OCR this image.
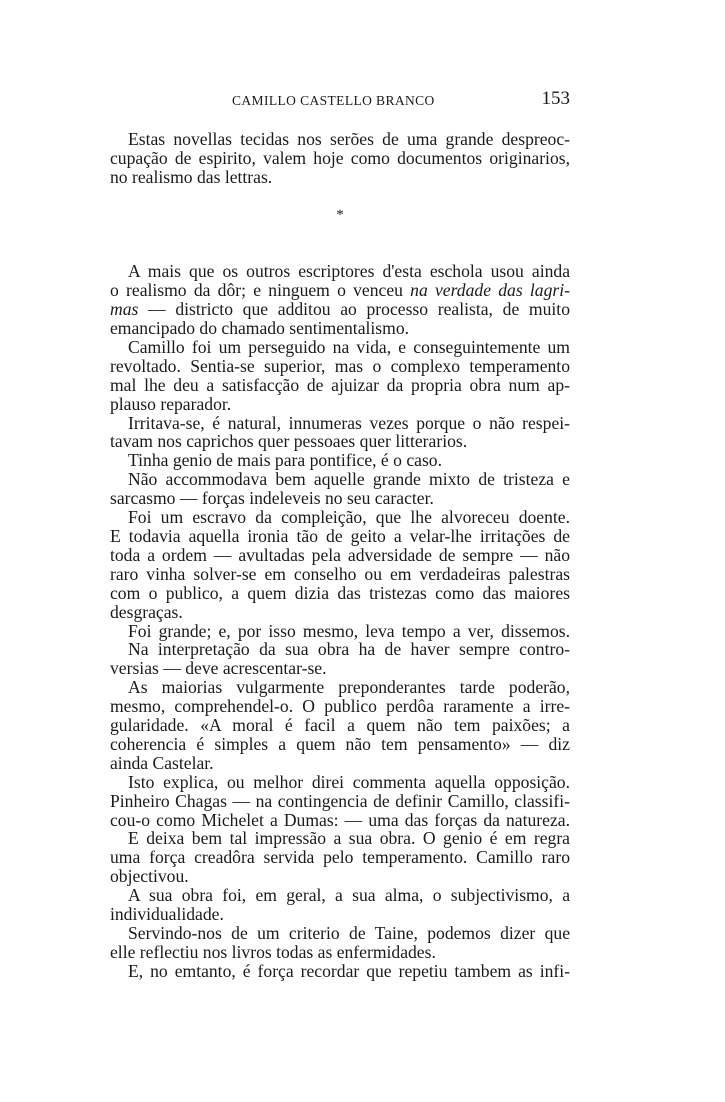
CAMILLO CASTELLO BRANCO	153
Estas novellas tecidas nos serões de uma grande despreoc-
cupação de espirito, valem hoje como documentos originarios,
no realismo das lettras.
*
A mais que os outros escriptores d'esta eschola usou ainda
o realismo da dôr; e ninguem o venceu na verdade das lagri-
mas — districto que additou ao processo realista, de muito
emancipado do chamado sentimentalismo.
Camillo foi um perseguido na vida, e conseguintemente um
revoltado. Sentia-se superior, mas o complexo temperamento
mal lhe deu a satisfacção de ajuizar da propria obra num ap-
plauso reparador.
Irritava-se, é natural, innumeras vezes porque o não respei-
tavam nos caprichos quer pessoaes quer litterarios.
Tinha genio de mais para pontifice, é o caso.
Não accommodava bem aquelle grande mixto de tristeza e
sarcasmo — forças indeleveis no seu caracter.
Foi um escravo da compleição, que lhe alvoreceu doente.
E todavia aquella ironia tão de geito a velar-lhe irritações de
toda a ordem — avultadas pela adversidade de sempre — não
raro vinha solver-se em conselho ou em verdadeiras palestras
com o publico, a quem dizia das tristezas como das maiores
desgraças.
Foi grande; e, por isso mesmo, leva tempo a ver, dissemos.
Na interpretação da sua obra ha de haver sempre contro-
versias — deve acrescentar-se.
As maiorias vulgarmente preponderantes tarde poderão,
mesmo, comprehendel-o. O publico perdôa raramente a irre-
gularidade. «A moral é facil a quem não tem paixões; a
coherencia é simples a quem não tem pensamento» — diz
ainda Castelar.
Isto explica, ou melhor direi commenta aquella opposição.
Pinheiro Chagas — na contingencia de definir Camillo, classifi-
cou-o como Michelet a Dumas: — uma das forças da natureza.
E deixa bem tal impressão a sua obra. O genio é em regra
uma força creadôra servida pelo temperamento. Camillo raro
objectivou.
A sua obra foi, em geral, a sua alma, o subjectivismo, a
individualidade.
Servindo-nos de um criterio de Taine, podemos dizer que
elle reflectiu nos livros todas as enfermidades.
E, no emtanto, é força recordar que repetiu tambem as infi-
